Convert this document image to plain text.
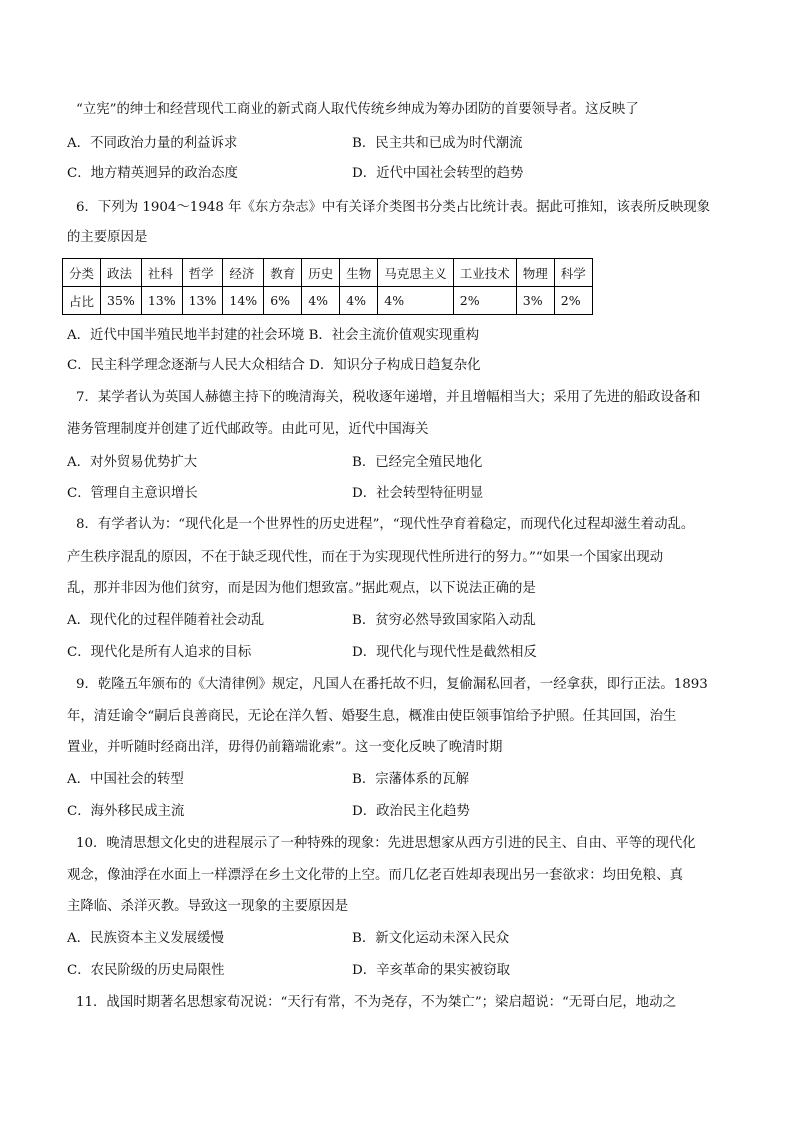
“立宪”的绅士和经营现代工商业的新式商人取代传统乡绅成为筹办团防的首要领导者。这反映了
A．不同政治力量的利益诉求	B．民主共和已成为时代潮流
C．地方精英迥异的政治态度	D．近代中国社会转型的趋势
6．下列为 1904～1948 年《东方杂志》中有关译介类图书分类占比统计表。据此可推知，该表所反映现象
的主要原因是
分类	政法	社科	哲学	经济	教育	历史	生物	马克思主义	工业技术	物理	科学
占比	35%	13%	13%	14%	6%	4%	4%	4%	2%	3%	2%
A．近代中国半殖民地半封建的社会环境 B．社会主流价值观实现重构
C．民主科学理念逐渐与人民大众相结合 D．知识分子构成日趋复杂化
7．某学者认为英国人赫德主持下的晚清海关，税收逐年递增，并且增幅相当大；采用了先进的船政设备和
港务管理制度并创建了近代邮政等。由此可见，近代中国海关
A．对外贸易优势扩大	B．已经完全殖民地化
C．管理自主意识增长	D．社会转型特征明显
8．有学者认为：“现代化是一个世界性的历史进程”，“现代性孕育着稳定，而现代化过程却滋生着动乱。
产生秩序混乱的原因，不在于缺乏现代性，而在于为实现现代性所进行的努力。”“如果一个国家出现动
乱，那并非因为他们贫穷，而是因为他们想致富。”据此观点，以下说法正确的是
A．现代化的过程伴随着社会动乱	B．贫穷必然导致国家陷入动乱
C．现代化是所有人追求的目标	D．现代化与现代性是截然相反
9．乾隆五年颁布的《大清律例》规定，凡国人在番托故不归，复偷漏私回者，一经拿获，即行正法。1893
年，清廷谕令“嗣后良善商民，无论在洋久暂、婚娶生息，概准由使臣领事馆给予护照。任其回国，治生
置业，并听随时经商出洋，毋得仍前籍端讹索”。这一变化反映了晚清时期
A．中国社会的转型	B．宗藩体系的瓦解
C．海外移民成主流	D．政治民主化趋势
10．晚清思想文化史的进程展示了一种特殊的现象：先进思想家从西方引进的民主、自由、平等的现代化
观念，像油浮在水面上一样漂浮在乡土文化带的上空。而几亿老百姓却表现出另一套欲求：均田免粮、真
主降临、杀洋灭教。导致这一现象的主要原因是
A．民族资本主义发展缓慢	B．新文化运动未深入民众
C．农民阶级的历史局限性	D．辛亥革命的果实被窃取
11．战国时期著名思想家荀况说：“天行有常，不为尧存，不为桀亡”；梁启超说：“无哥白尼，地动之
